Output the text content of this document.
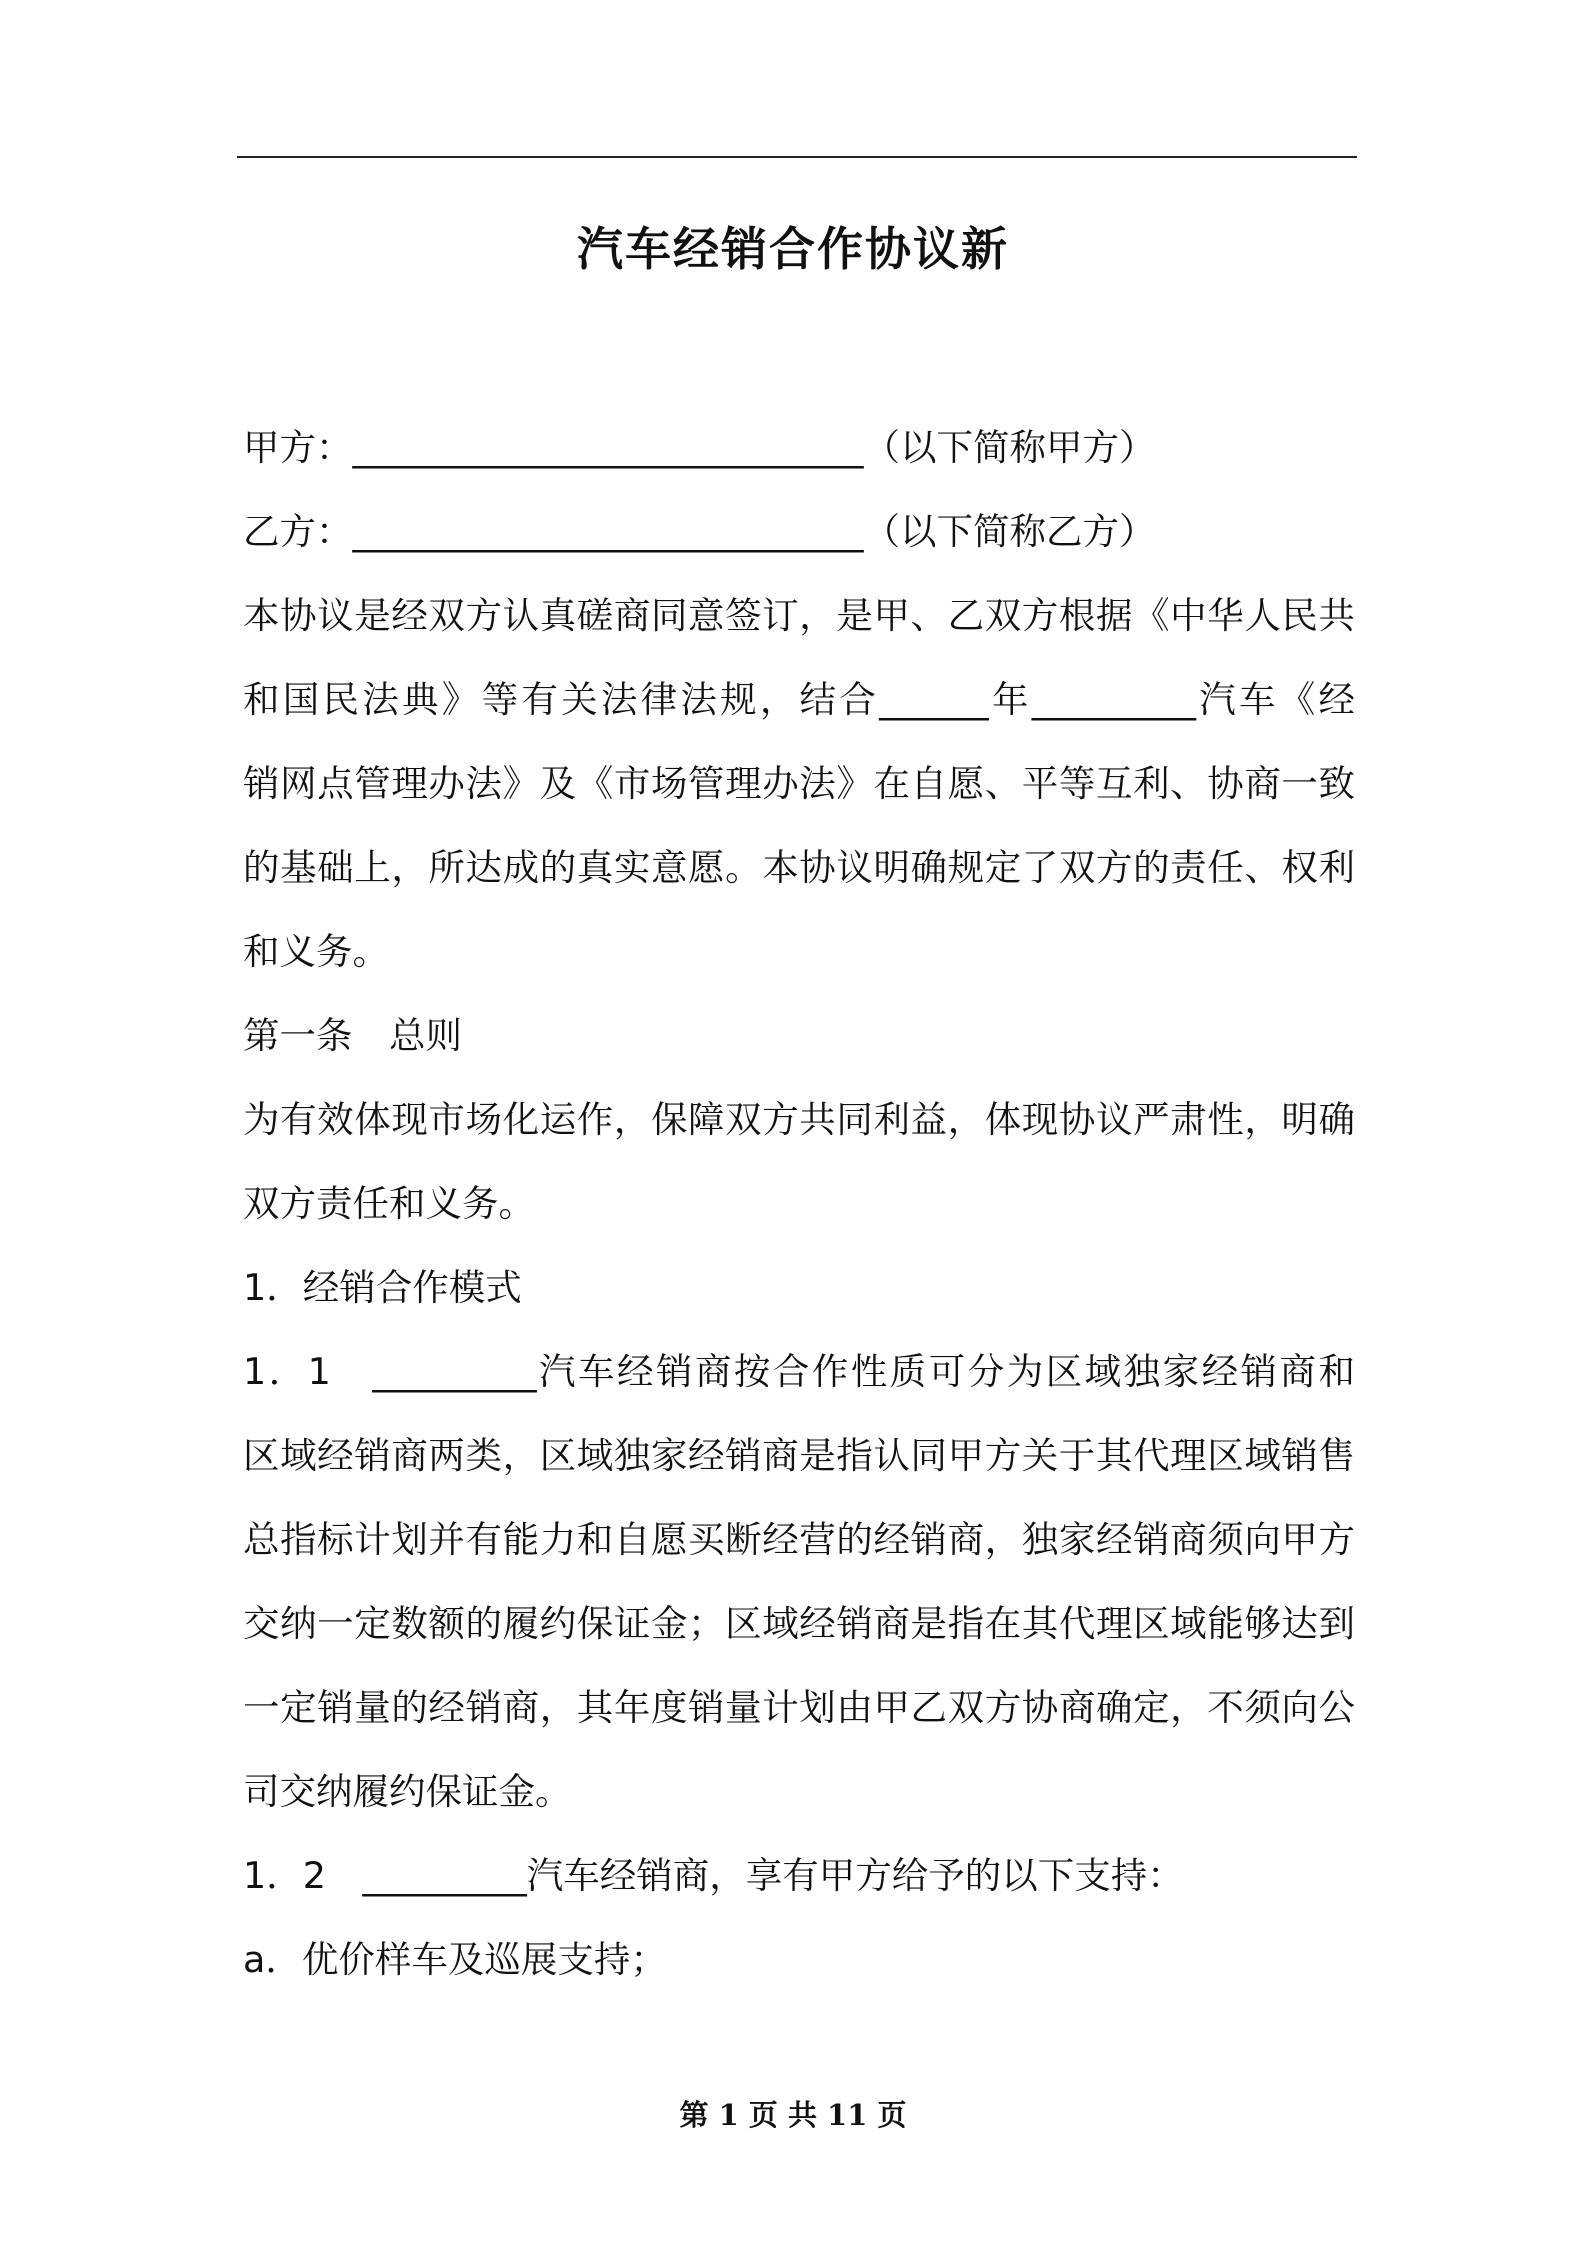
汽车经销合作协议新
甲方：____________________________（以下简称甲方）
乙方：____________________________（以下简称乙方）
本协议是经双方认真磋商同意签订，是甲、乙双方根据《中华人民共
和国民法典》等有关法律法规，结合______年_________汽车《经
销网点管理办法》及《市场管理办法》在自愿、平等互利、协商一致
的基础上，所达成的真实意愿。本协议明确规定了双方的责任、权利
和义务。
第一条　总则
为有效体现市场化运作，保障双方共同利益，体现协议严肃性，明确
双方责任和义务。
1．经销合作模式
1．1　_________汽车经销商按合作性质可分为区域独家经销商和
区域经销商两类，区域独家经销商是指认同甲方关于其代理区域销售
总指标计划并有能力和自愿买断经营的经销商，独家经销商须向甲方
交纳一定数额的履约保证金；区域经销商是指在其代理区域能够达到
一定销量的经销商，其年度销量计划由甲乙双方协商确定，不须向公
司交纳履约保证金。
1．2　_________汽车经销商，享有甲方给予的以下支持：
a．优价样车及巡展支持；
第 1 页 共 11 页
